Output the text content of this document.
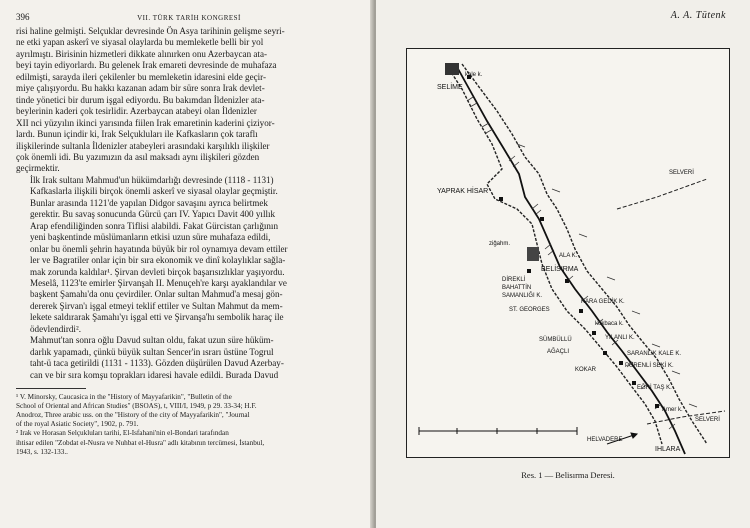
396	VII. TÜRK TARİH KONGRESİ

risi haline gelmişti. Selçuklar devresinde Ön Asya tarihinin gelişme seyri-
ne etki yapan askerî ve siyasal olaylarda bu memleketle belli bir yol
ayrılmıştı. Birisinin hizmetleri dikkate alınırken onu Azerbaycan ata-
beyi tayin ediyorlardı. Bu gelenek Irak emareti devresinde de muhafaza
edilmişti, sarayda ileri çekilenler bu memleketin idaresini elde geçir-
miye çalışıyordu. Bu hakkı kazanan adam bir süre sonra Irak devlet-
tinde yönetici bir durum işgal ediyordu. Bu bakımdan İldenizler ata-
beylerinin kaderi çok tesirlidir. Azerbaycan atabeyi olan İldenizler
XII nci yüzyılın ikinci yarısında fiilen Irak emaretinin kaderini çiziyor-
lardı. Bunun içindir ki, Irak Selçukluları ile Kafkasların çok taraflı
ilişkilerinde sultanla İldenizler atabeyleri arasındaki karşılıklı ilişkiler
çok önemli idi. Bu yazımızın da asıl maksadı aynı ilişkileri gözden
geçirmektir.

İlk Irak sultanı Mahmud'un hükümdarlığı devresinde (1118 - 1131)
Kafkaslarla ilişkili birçok önemli askerî ve siyasal olaylar geçmiştir.
Bunlar arasında 1121'de yapılan Didgor savaşını ayrıca belirtmek
gerektir. Bu savaş sonucunda Gürcü çarı IV. Yapıcı Davit 400 yıllık
Arap efendiliğinden sonra Tiflisi alabildi. Fakat Gürcistan çarlığının
yeni başkentinde müslümanların etkisi uzun süre muhafaza edildi,
onlar bu önemli şehrin hayatında büyük bir rol oynamıya devam ettiler
ler ve Bagratiler onlar için bir sıra ekonomik ve dinî kolaylıklar sağla-
mak zorunda kaldılar¹. Şirvan devleti birçok başarısızlıklar yaşıyordu.
Meselâ, 1123'te emirler Şirvanşah II. Menuçeh're karşı ayaklandılar ve
başkent Şamahı'da onu çevirdiler. Onlar sultan Mahmud'a mesaj gön-
dererek Şirvan'ı işgal etmeyi teklif ettiler ve Sultan Mahmut da mem-
lekete saldırarak Şamahı'yı işgal etti ve Şirvanşa'hı sembolik haraç ile
ödevlendirdi².

Mahmut'tan sonra oğlu Davud sultan oldu, fakat uzun süre hüküm-
darlık yapamadı, çünkü büyük sultan Sencer'in ısrarı üstüne Togrul
taht-ü taca getirildi (1131 - 1133). Gözden düşürülen Davud Azerbay-
can ve bir sıra komşu toprakları idaresi havale edildi. Burada Davud

¹ V. Minorsky, Caucasica in the "History of Mayyafarikin", "Bulletin of the

School of Oriental and African Studies" (BSOAS), t, VIII/I, 1949, p 29. 33-34; H.F.

Anodroz, Three arabic uss. on the "History of the city of Mayyafarikin", "Journal

of the royal Asiatic Society", 1902, p. 791.

² Irak ve Horasan Selçukluları tarihi, El-Isfahani'nin el-Bondari tarafından

ihtisar edilen "Zobdat el-Nusra ve Nuhbat el-Husra" adlı kitabının tercümesi, İstanbul,

1943, s. 132-133..

A. A. Tütenk
kale k.
SELİME
YAPRAK HİSAR
SELVERİ
ziğahm.
ALA K.
BELİSIRMA
DİREKLİ
BAHATTİN
SAMANLIĞI K.
ST. GEORGES
KARA GEDİK K.
kökbaca k.
YILANLI K.
SÜMBÜLLÜ
AĞAÇLI	SARANLIK KALE K.
PÜRENLİ SEKİ K.
KOKAR
EĞRİ TAŞ K.
Amer k.
SELVERİ
HELVADERE
IHLARA
Res. 1 — Belisırma Deresi.
